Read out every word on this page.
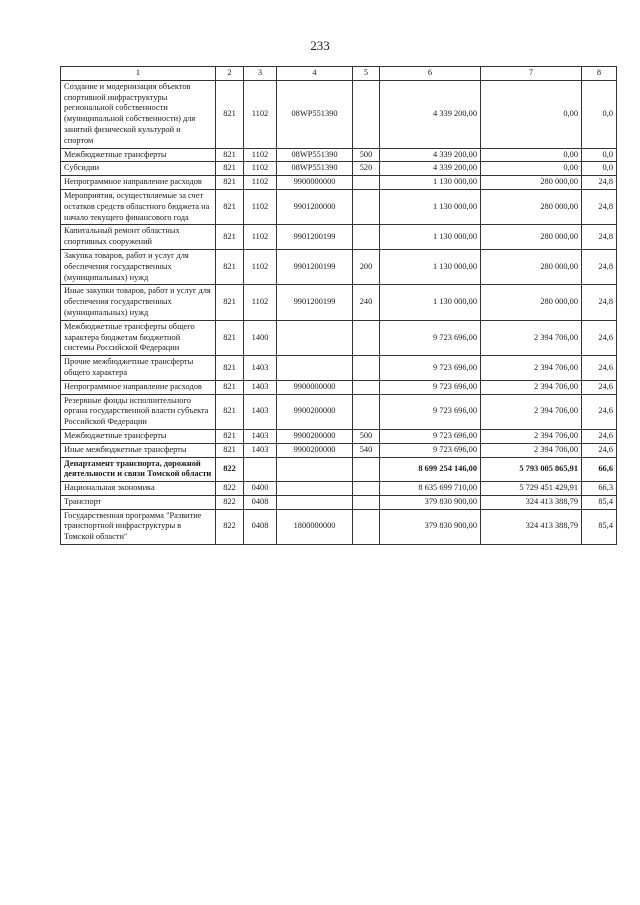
233
1	2	3	4	5	6	7	8
Создание и модернизация объектов спортивной инфраструктуры региональной собственности (муниципальной собственности) для занятий физической культурой и спортом	821	1102	08WP551390		4 339 200,00	0,00	0,0
Межбюджетные трансферты	821	1102	08WP551390	500	4 339 200,00	0,00	0,0
Субсидии	821	1102	08WP551390	520	4 339 200,00	0,00	0,0
Непрограммное направление расходов	821	1102	9900000000		1 130 000,00	280 000,00	24,8
Мероприятия, осуществляемые за счет остатков средств областного бюджета на начало текущего финансового года	821	1102	9901200000		1 130 000,00	280 000,00	24,8
Капитальный ремонт областных спортивных сооружений	821	1102	9901200199		1 130 000,00	280 000,00	24,8
Закупка товаров, работ и услуг для обеспечения государственных (муниципальных) нужд	821	1102	9901200199	200	1 130 000,00	280 000,00	24,8
Иные закупки товаров, работ и услуг для обеспечения государственных (муниципальных) нужд	821	1102	9901200199	240	1 130 000,00	280 000,00	24,8
Межбюджетные трансферты общего характера бюджетам бюджетной системы Российской Федерации	821	1400			9 723 696,00	2 394 706,00	24,6
Прочие межбюджетные трансферты общего характера	821	1403			9 723 696,00	2 394 706,00	24,6
Непрограммное направление расходов	821	1403	9900000000		9 723 696,00	2 394 706,00	24,6
Резервные фонды исполнительного органа государственной власти субъекта Российской Федерации	821	1403	9900200000		9 723 696,00	2 394 706,00	24,6
Межбюджетные трансферты	821	1403	9900200000	500	9 723 696,00	2 394 706,00	24,6
Иные межбюджетные трансферты	821	1403	9900200000	540	9 723 696,00	2 394 706,00	24,6
Департамент транспорта, дорожной деятельности и связи Томской области	822				8 699 254 146,00	5 793 005 865,91	66,6
Национальная экономика	822	0400			8 635 699 710,00	5 729 451 429,91	66,3
Транспорт	822	0408			379 830 900,00	324 413 388,79	85,4
Государственная программа "Развитие транспортной инфраструктуры в Томской области"	822	0408	1800000000		379 830 900,00	324 413 388,79	85,4
